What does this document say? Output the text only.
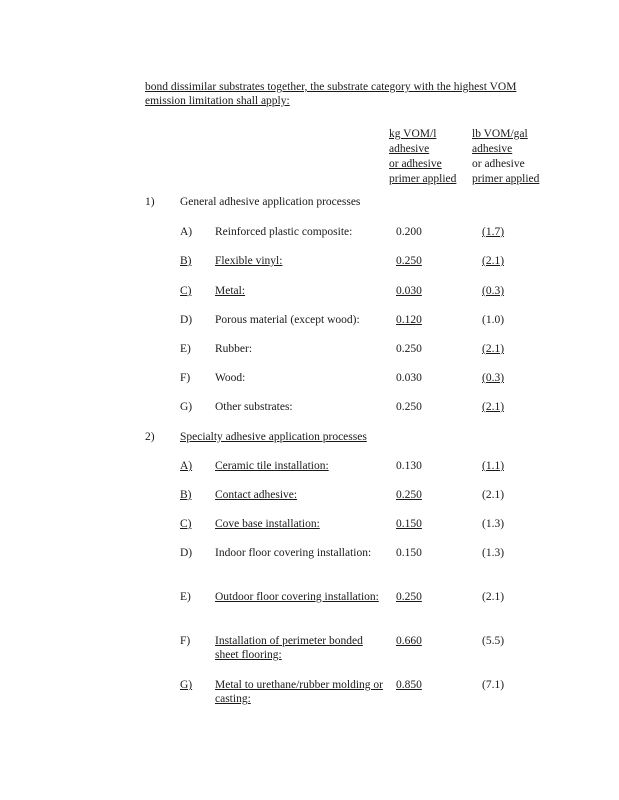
bond dissimilar substrates together, the substrate category with the highest VOM emission limitation shall apply:
kg VOM/l
adhesive
or adhesive
primer applied
lb VOM/gal
adhesive
or adhesive
primer applied
1) General adhesive application processes
A) Reinforced plastic composite:	0.200	(1.7)
B) Flexible vinyl:	0.250	(2.1)
C) Metal:	0.030	(0.3)
D) Porous material (except wood):	0.120	(1.0)
E) Rubber:	0.250	(2.1)
F) Wood:	0.030	(0.3)
G) Other substrates:	0.250	(2.1)
2) Specialty adhesive application processes
A) Ceramic tile installation:	0.130	(1.1)
B) Contact adhesive:	0.250	(2.1)
C) Cove base installation:	0.150	(1.3)
D) Indoor floor covering installation:	0.150	(1.3)
E) Outdoor floor covering installation:	0.250	(2.1)
F) Installation of perimeter bonded sheet flooring:
0.660	(5.5)
G) Metal to urethane/rubber molding or casting:
0.850	(7.1)
